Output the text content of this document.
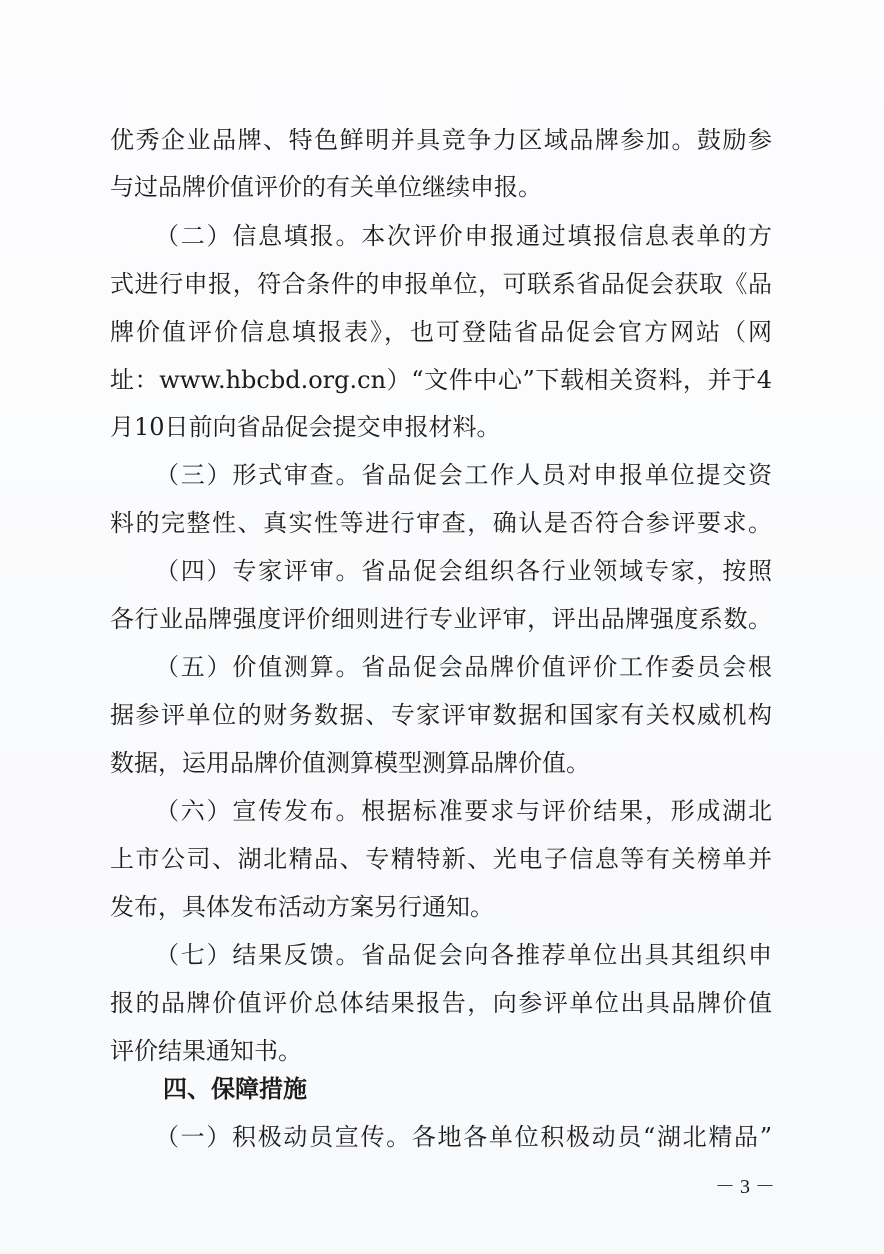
优秀企业品牌、特色鲜明并具竞争力区域品牌参加。鼓励参
与过品牌价值评价的有关单位继续申报。
（二）信息填报。本次评价申报通过填报信息表单的方
式进行申报，符合条件的申报单位，可联系省品促会获取《品
牌价值评价信息填报表》，也可登陆省品促会官方网站（网
址：www.hbcbd.org.cn）“文件中心”下载相关资料，并于4
月10日前向省品促会提交申报材料。
（三）形式审查。省品促会工作人员对申报单位提交资
料的完整性、真实性等进行审查，确认是否符合参评要求。
（四）专家评审。省品促会组织各行业领域专家，按照
各行业品牌强度评价细则进行专业评审，评出品牌强度系数。
（五）价值测算。省品促会品牌价值评价工作委员会根
据参评单位的财务数据、专家评审数据和国家有关权威机构
数据，运用品牌价值测算模型测算品牌价值。
（六）宣传发布。根据标准要求与评价结果，形成湖北
上市公司、湖北精品、专精特新、光电子信息等有关榜单并
发布，具体发布活动方案另行通知。
（七）结果反馈。省品促会向各推荐单位出具其组织申
报的品牌价值评价总体结果报告，向参评单位出具品牌价值
评价结果通知书。
四、保障措施
（一）积极动员宣传。各地各单位积极动员“湖北精品”
－ 3 －
